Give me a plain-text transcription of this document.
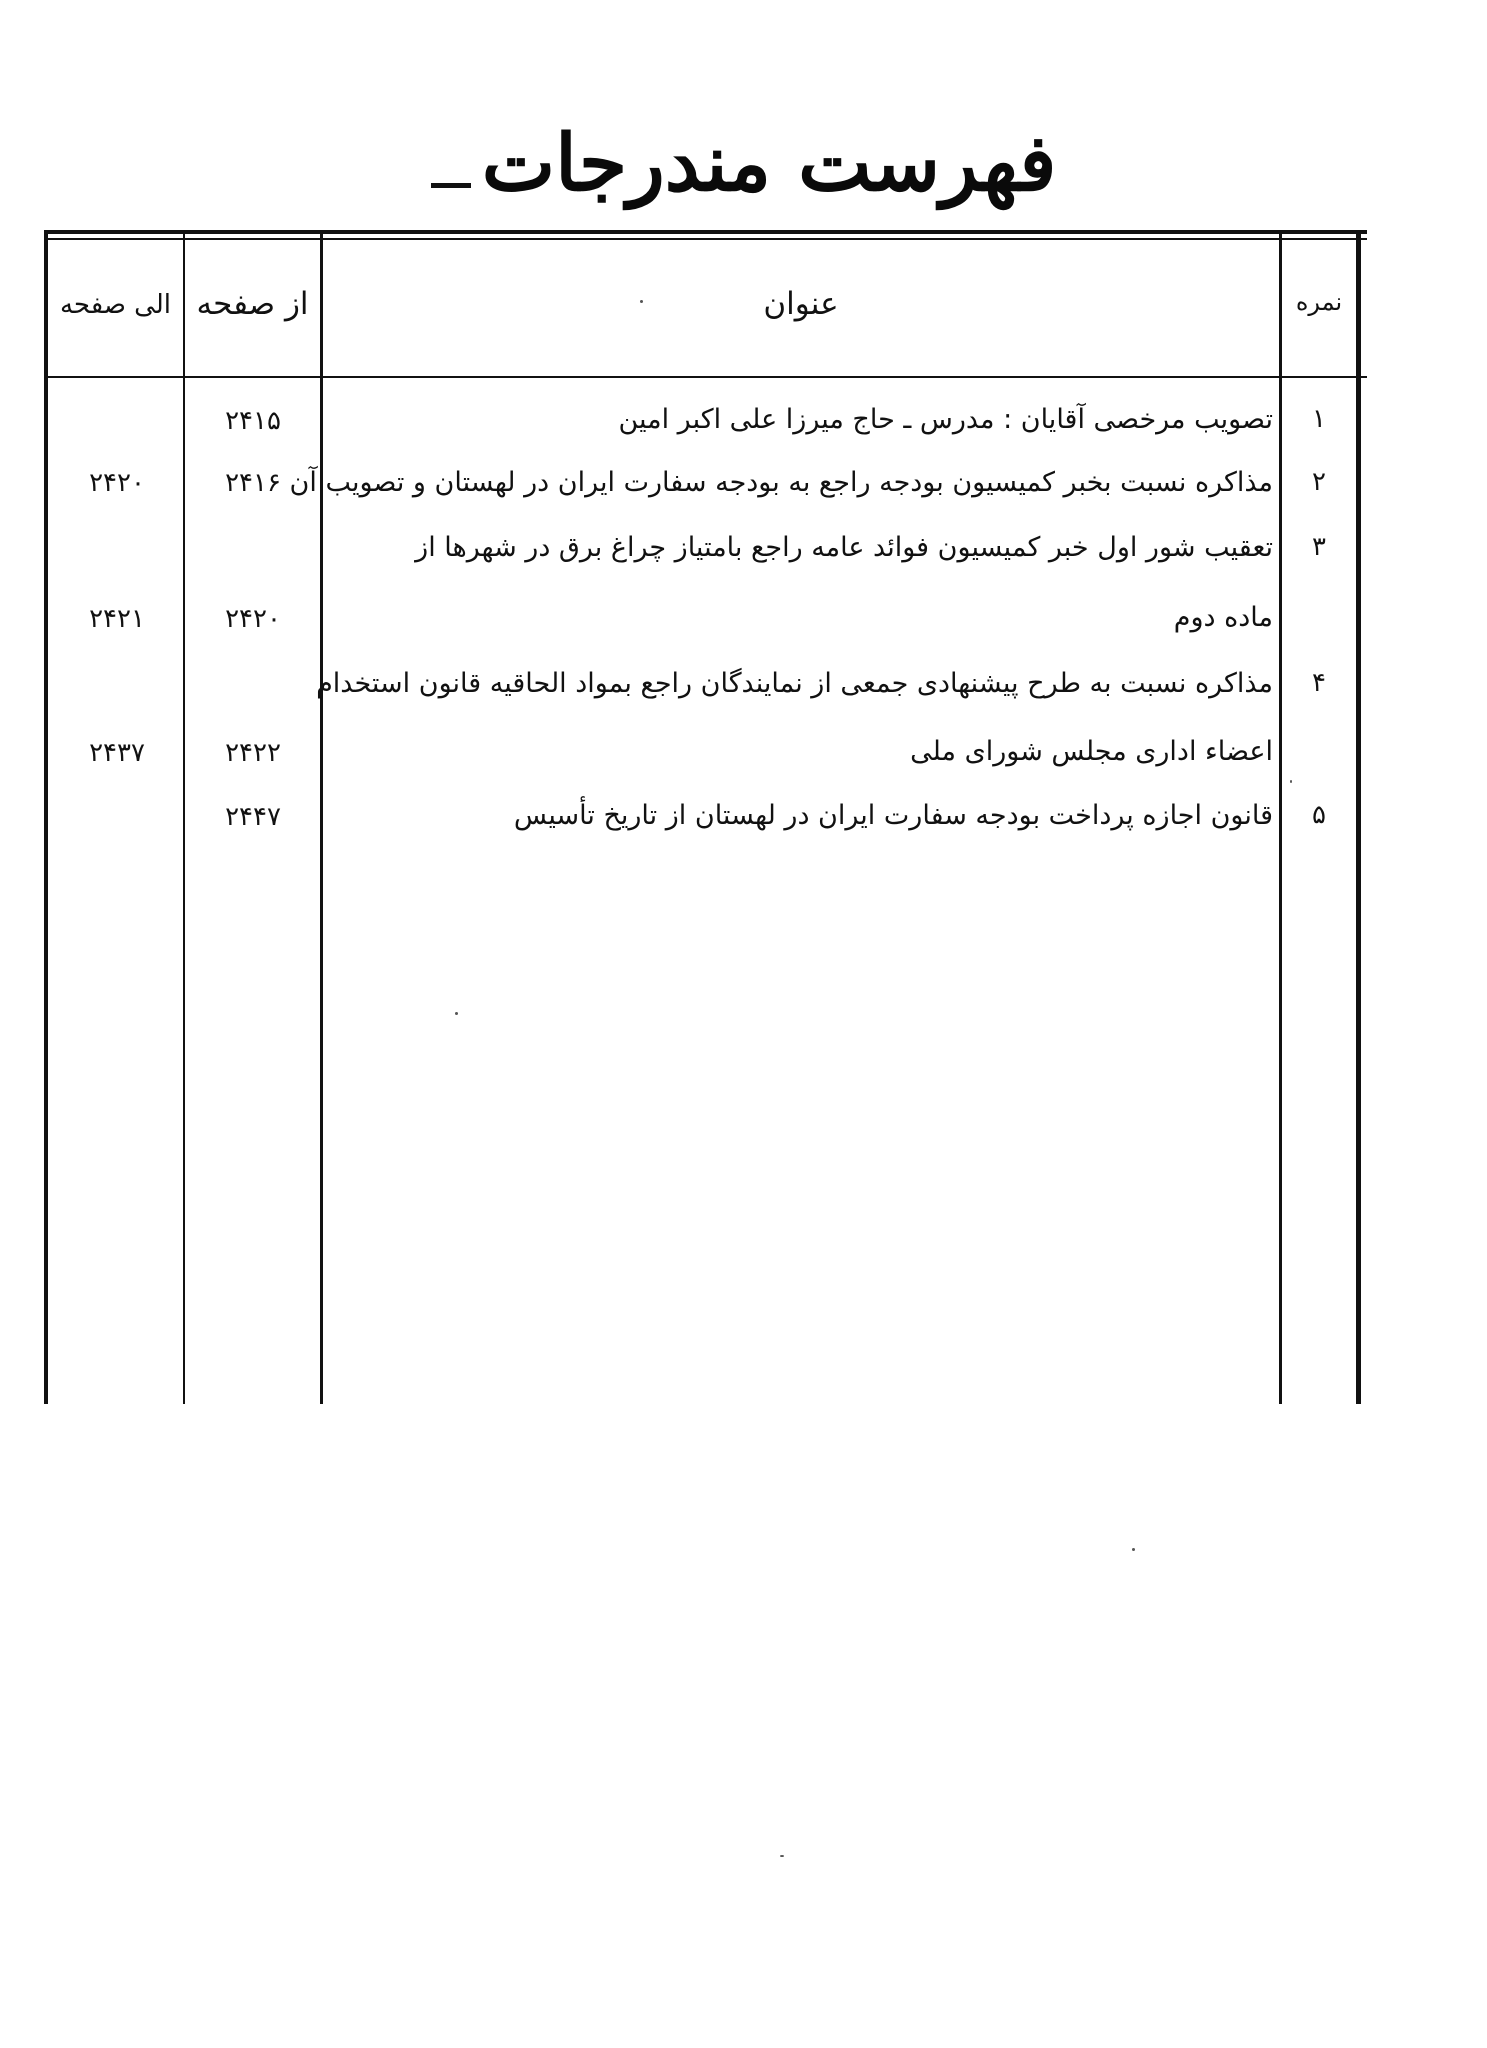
فهرست مندرجات
الی صفحه از صفحه	عنوان	نمره
۱
تصویب مرخصی آقایان : مدرس ـ حاج میرزا علی اکبر امین
۲۴۱۵
۲
مذاکره نسبت بخبر کمیسیون بودجه راجع به بودجه سفارت ایران در لهستان و تصویب آن
۲۴۱۶
۲۴۲۰
۳
تعقیب شور اول خبر کمیسیون فوائد عامه راجع بامتیاز چراغ برق در شهرها از
ماده دوم
۲۴۲۰
۲۴۲۱
۴
مذاکره نسبت به طرح پیشنهادی جمعی از نمایندگان راجع بمواد الحاقیه قانون استخدام
اعضاء اداری مجلس شورای ملی
۲۴۲۲
۲۴۳۷
۵
قانون اجازه پرداخت بودجه سفارت ایران در لهستان از تاریخ تأسیس
۲۴۴۷
